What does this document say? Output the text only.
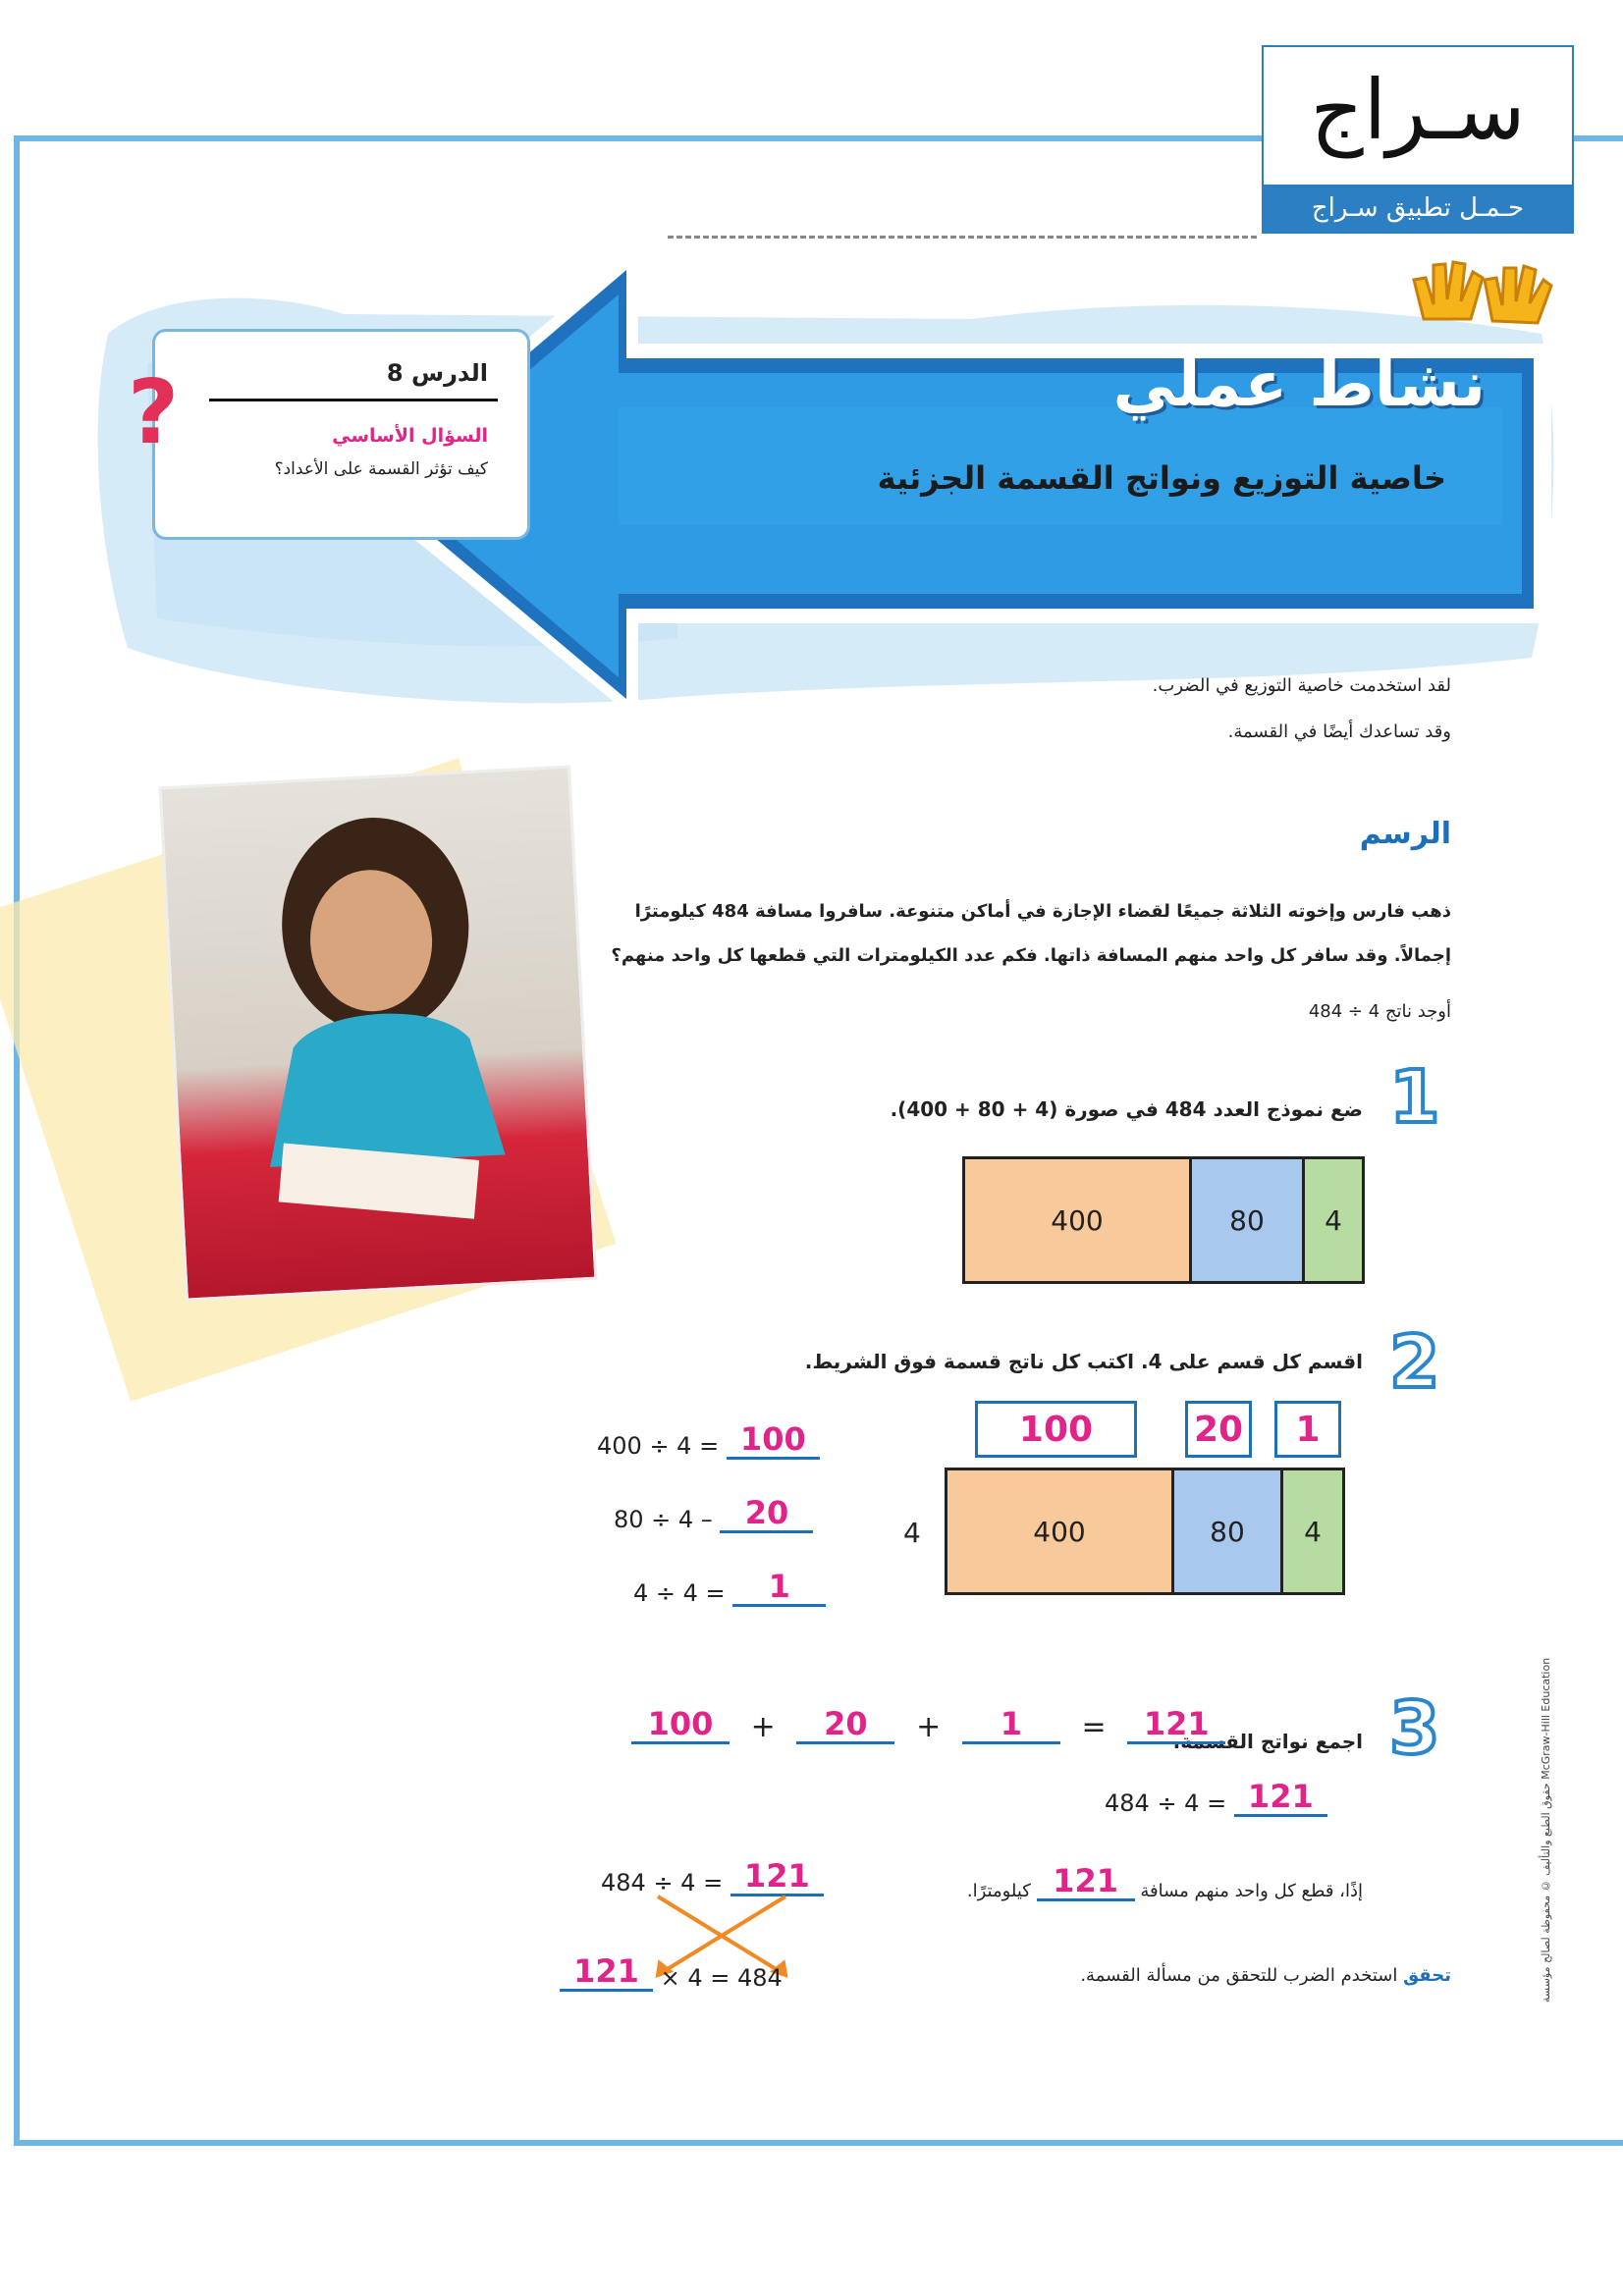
سـراج
حـمـل تطبيق سـراج
نشاط عملي
خاصية التوزيع ونواتج القسمة الجزئية
?	الدرس 8
السؤال الأساسي
كيف تؤثر القسمة على الأعداد؟
لقد استخدمت خاصية التوزيع في الضرب.
وقد تساعدك أيضًا في القسمة.
الرسم
ذهب فارس وإخوته الثلاثة جميعًا لقضاء الإجازة في أماكن متنوعة. سافروا مسافة 484 كيلومترًا
إجمالاً. وقد سافر كل واحد منهم المسافة ذاتها. فكم عدد الكيلومترات التي قطعها كل واحد منهم؟
أوجد ناتج 4 ÷ 484
1
ضع نموذج العدد 484 في صورة (4 + 80 + 400).
400	80	4
2
اقسم كل قسم على 4. اكتب كل ناتج قسمة فوق الشريط.
100	20	1
4	400	80	4
400 ÷ 4 = 100
80 ÷ 4 – 20
4 ÷ 4 = 1
3
اجمع نواتج القسمة.
100 + 20 + 1 = 121
484 ÷ 4 = 121
إذًا، قطع كل واحد منهم مسافة 121 كيلومترًا.
تحقق استخدم الضرب للتحقق من مسألة القسمة.
484 ÷ 4 = 121
121 × 4 = 484	حقوق الطبع والتأليف © محفوظة لصالح مؤسسة McGraw-Hill Education
